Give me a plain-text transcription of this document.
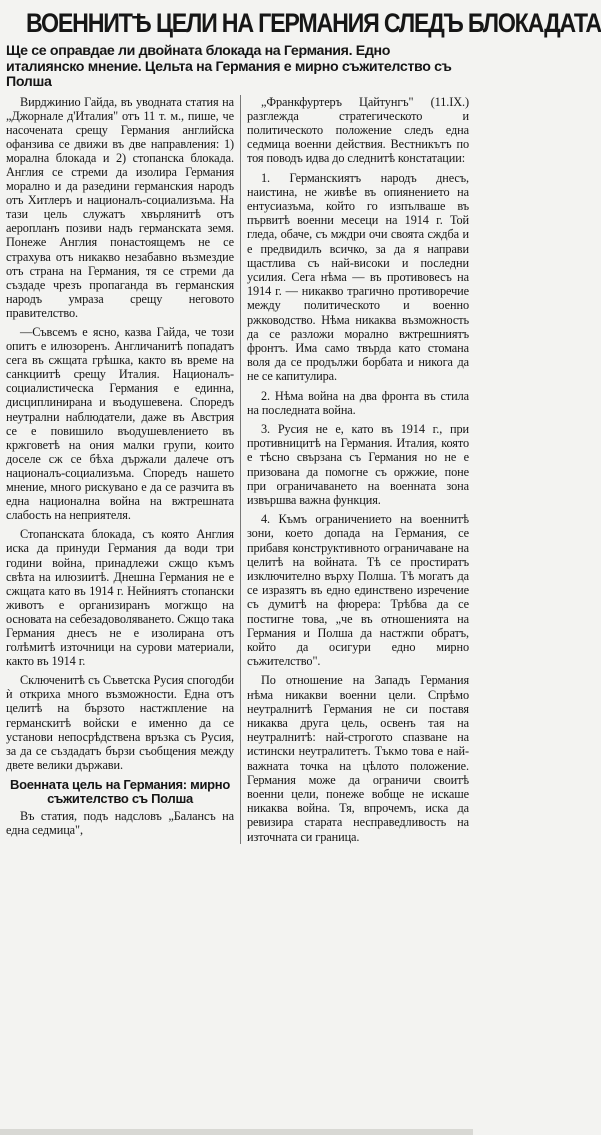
ВОЕННИТѢ ЦЕЛИ НА ГЕРМАНИЯ СЛЕДЪ БЛОКАДАТА
Ще се оправдае ли двойната блокада на Германия. Едно италиянско мнение. Цельта на Германия е мирно съжителство съ Полша

Вирджинио Гайда, въ уводната статия на „Джорнале д'Италия" отъ 11 т. м., пише, че насочената срещу Германия английска офанзива се движи въ две направления: 1) морална блокада и 2) стопанска блокада. Англия се стреми да изолира Германия морално и да разедини германския народъ отъ Хитлеръ и националъ-социализъма. На тази цель служатъ хвърлянитѣ отъ аеропланъ позиви надъ германската земя. Понеже Англия понастоящемъ не се страхува отъ никакво незабавно възмездие отъ страна на Германия, тя се стреми да създаде чрезъ пропаганда въ германския народъ умраза срещу неговото правителство.

—Съвсемъ е ясно, казва Гайда, че този опитъ е илюзоренъ. Англичанитѣ попадатъ сега въ сжщата грѣшка, както въ време на санкциитѣ срещу Италия. Националъ-социалистическа Германия е единна, дисциплинирана и въодушевена. Споредъ неутрални наблюдатели, даже въ Австрия се е повишило въодушевлението въ кржговетѣ на ония малки групи, които доселе сж се бѣха държали далече отъ националъ-социализъма. Споредъ нашето мнение, много рискувано е да се разчита въ една национална война на вжтрешната слабость на неприятеля.

Стопанската блокада, съ която Англия иска да принуди Германия да води три години война, принадлежи сжщо къмъ свѣта на илюзиитѣ. Днешна Германия не е сжщата като въ 1914 г. Нейниятъ стопански животъ е организиранъ могжщо на основата на себезадоволяването. Сжщо така Германия днесъ не е изолирана отъ голѣмитѣ източници на сурови материали, както въ 1914 г.

Сключенитѣ съ Съветска Русия спогодби ѝ откриха много възможности. Една отъ целитѣ на бързото настжпление на германскитѣ войски е именно да се установи непосрѣдствена връзка съ Русия, за да се създадатъ бързи съобщения между двете велики държави.

Военната цель на Германия: мирно съжителство съ Полша

Въ статия, подъ надсловъ „Балансъ на една седмица",

„Франкфуртеръ Цайтунгъ" (11.IX.) разглежда стратегическото и политическото положение следъ една седмица военни действия. Вестникътъ по тоя поводъ идва до следнитѣ констатации:

1. Германскиятъ народъ днесъ, наистина, не живѣе въ опиянението на ентусиазъма, който го изпълваше въ първитѣ военни месеци на 1914 г. Той гледа, обаче, съ мждри очи своята сждба и е предвидилъ всичко, за да я направи щастлива съ най-високи и последни усилия. Сега нѣма — въ противовесъ на 1914 г. — никакво трагично противоречие между политическото и военно ржководство. Нѣма никаква възможность да се разложи морално вжтрешниятъ фронтъ. Има само твърда като стомана воля да се продължи борбата и никога да не се капитулира.

2. Нѣма война на два фронта въ стила на последната война.

3. Русия не е, като въ 1914 г., при противницитѣ на Германия. Италия, която е тѣсно свързана съ Германия но не е призована да помогне съ оржжие, поне при ограничаването на военната зона извършва важна функция.

4. Къмъ ограничението на военнитѣ зони, което допада на Германия, се прибавя конструктивното ограничаване на целитѣ на войната. Тѣ се простиратъ изключително върху Полша. Тѣ могатъ да се изразятъ въ едно единствено изречение съ думитѣ на фюрера: Трѣбва да се постигне това, „че въ отношенията на Германия и Полша да настжпи обратъ, който да осигури едно мирно съжителство".

По отношение на Западъ Германия нѣма никакви военни цели. Спрѣмо неутралнитѣ Германия не си поставя никаква друга цель, освенъ тая на неутралнитѣ: най-строгото спазване на истински неутралитетъ. Тъкмо това е най-важната точка на цѣлото положение. Германия може да ограничи своитѣ военни цели, понеже вобще не искаше никаква война. Тя, впрочемъ, иска да ревизира старата несправедливость на източната си граница.
